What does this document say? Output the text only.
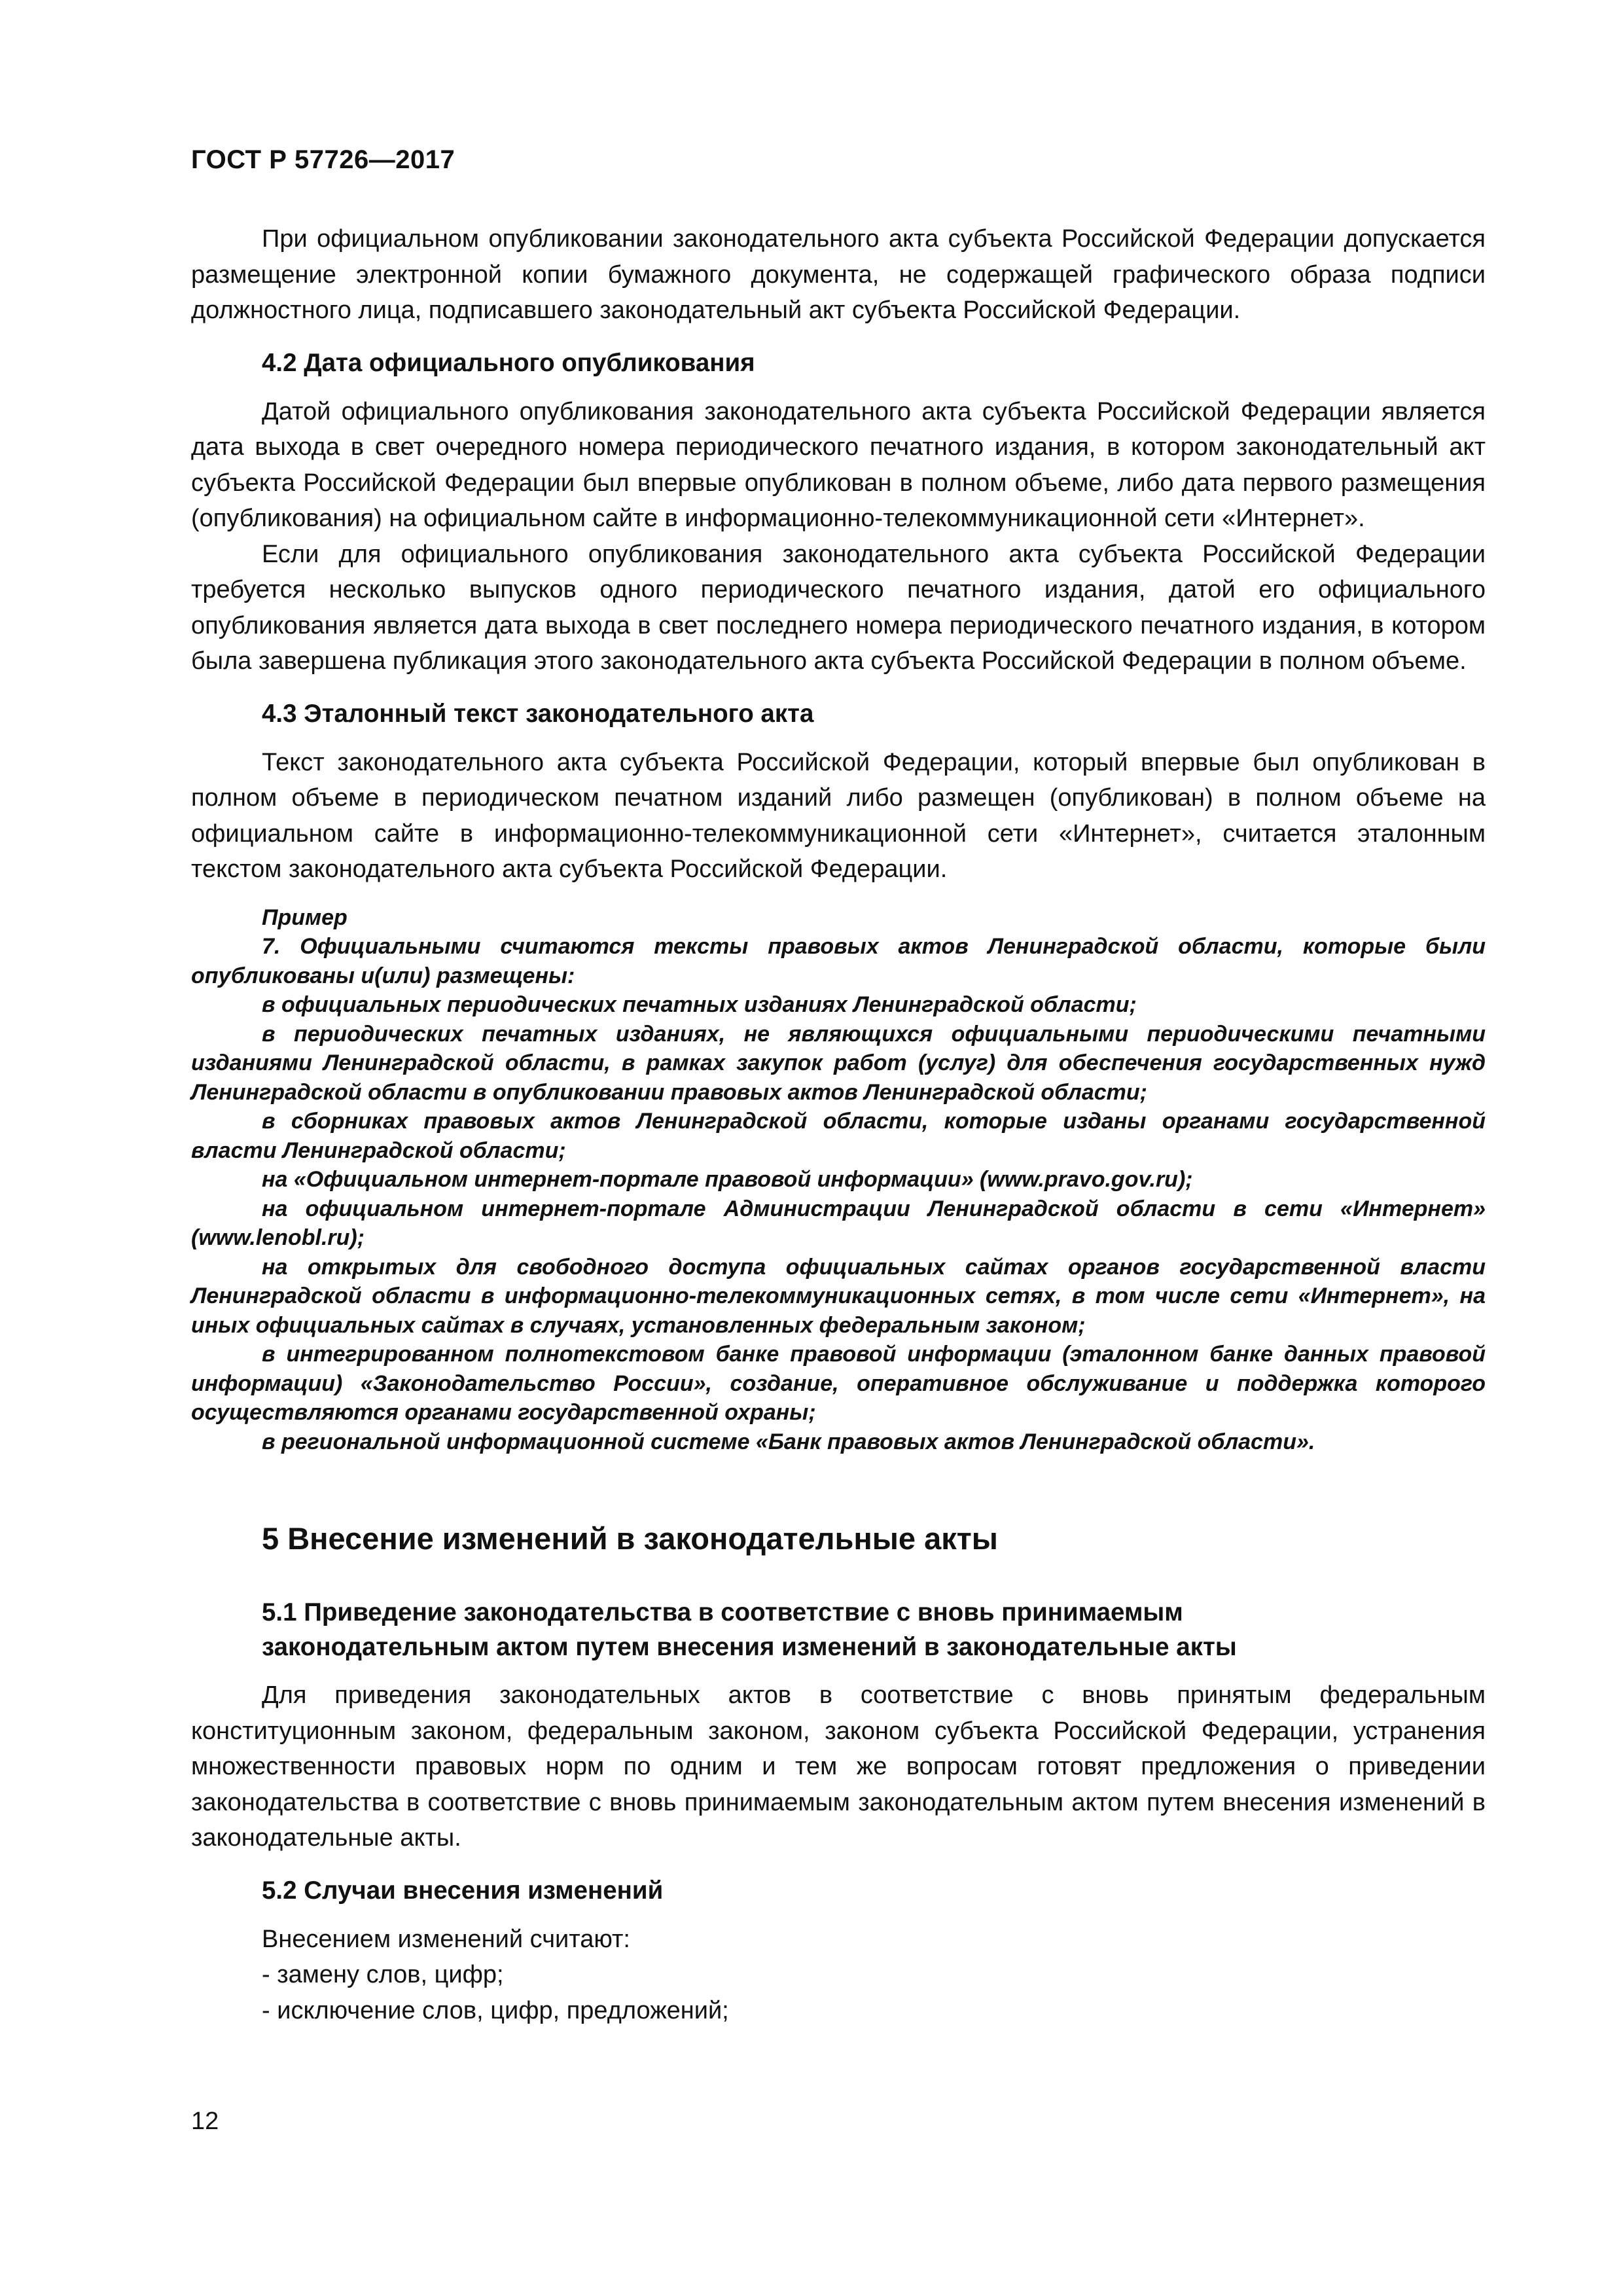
ГОСТ Р 57726—2017

При официальном опубликовании законодательного акта субъекта Российской Федерации допускается размещение электронной копии бумажного документа, не содержащей графического образа подписи должностного лица, подписавшего законодательный акт субъекта Российской Федерации.

4.2 Дата официального опубликования

Датой официального опубликования законодательного акта субъекта Российской Федерации является дата выхода в свет очередного номера периодического печатного издания, в котором законодательный акт субъекта Российской Федерации был впервые опубликован в полном объеме, либо дата первого размещения (опубликования) на официальном сайте в информационно-телекоммуникационной сети «Интернет».

Если для официального опубликования законодательного акта субъекта Российской Федерации требуется несколько выпусков одного периодического печатного издания, датой его официального опубликования является дата выхода в свет последнего номера периодического печатного издания, в котором была завершена публикация этого законодательного акта субъекта Российской Федерации в полном объеме.

4.3 Эталонный текст законодательного акта

Текст законодательного акта субъекта Российской Федерации, который впервые был опубликован в полном объеме в периодическом печатном изданий либо размещен (опубликован) в полном объеме на официальном сайте в информационно-телекоммуникационной сети «Интернет», считается эталонным текстом законодательного акта субъекта Российской Федерации.

Пример

7. Официальными считаются тексты правовых актов Ленинградской области, которые были опубликованы и(или) размещены:

в официальных периодических печатных изданиях Ленинградской области;

в периодических печатных изданиях, не являющихся официальными периодическими печатными изданиями Ленинградской области, в рамках закупок работ (услуг) для обеспечения государственных нужд Ленинградской области в опубликовании правовых актов Ленинградской области;

в сборниках правовых актов Ленинградской области, которые изданы органами государственной власти Ленинградской области;

на «Официальном интернет-портале правовой информации» (www.pravo.gov.ru);

на официальном интернет-портале Администрации Ленинградской области в сети «Интернет» (www.lenobl.ru);

на открытых для свободного доступа официальных сайтах органов государственной власти Ленинградской области в информационно-телекоммуникационных сетях, в том числе сети «Интернет», на иных официальных сайтах в случаях, установленных федеральным законом;

в интегрированном полнотекстовом банке правовой информации (эталонном банке данных правовой информации) «Законодательство России», создание, оперативное обслуживание и поддержка которого осуществляются органами государственной охраны;

в региональной информационной системе «Банк правовых актов Ленинградской области».

5 Внесение изменений в законодательные акты
5.1 Приведение законодательства в соответствие с вновь принимаемым
законодательным актом путем внесения изменений в законодательные акты

Для приведения законодательных актов в соответствие с вновь принятым федеральным конституционным законом, федеральным законом, законом субъекта Российской Федерации, устранения множественности правовых норм по одним и тем же вопросам готовят предложения о приведении законодательства в соответствие с вновь принимаемым законодательным актом путем внесения изменений в законодательные акты.

5.2 Случаи внесения изменений
Внесением изменений считают:
- замену слов, цифр;
- исключение слов, цифр, предложений;
12
